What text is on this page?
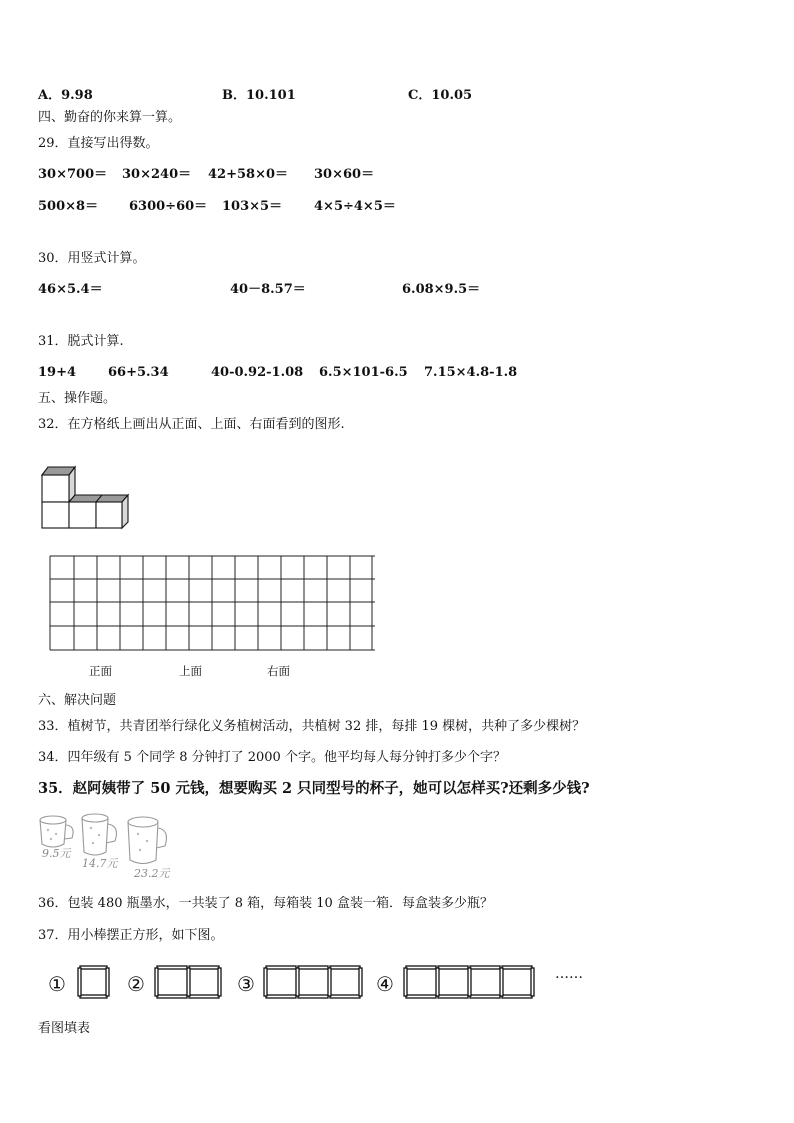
A．9.98	B．10.101	C．10.05
四、勤奋的你来算一算。
29．直接写出得数。
30×700＝ 30×240＝ 42+58×0＝ 30×60＝
500×8＝ 6300÷60＝ 103×5＝ 4×5÷4×5＝
30．用竖式计算。
46×5.4＝	40－8.57＝	6.08×9.5＝
31．脱式计算.
19+4 66+5.34	40-0.92-1.08 6.5×101-6.5 7.15×4.8-1.8
五、操作题。
32．在方格纸上画出从正面、上面、右面看到的图形.
正面	上面	右面
六、解决问题
33．植树节，共青团举行绿化义务植树活动，共植树 32 排，每排 19 棵树，共种了多少棵树？
34．四年级有 5 个同学 8 分钟打了 2000 个字。他平均每人每分钟打多少个字？
35．赵阿姨带了 50 元钱，想要购买 2 只同型号的杯子，她可以怎样买?还剩多少钱?
9.5元
14.7元
23.2元
36．包装 480 瓶墨水，一共装了 8 箱，每箱装 10 盒装一箱．每盒装多少瓶？
37．用小棒摆正方形，如下图。
①	②	③	④	……
看图填表
